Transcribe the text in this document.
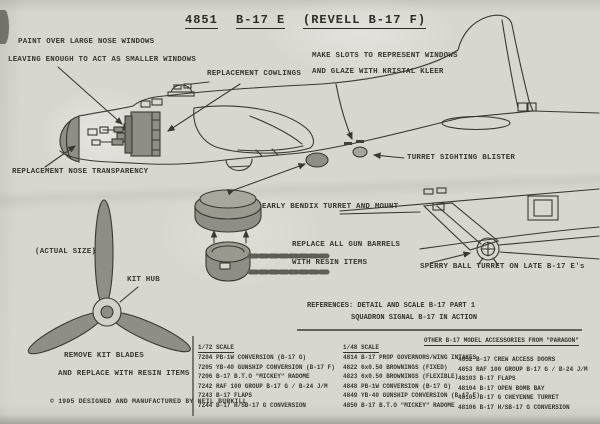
4851 B-17 E (REVELL B-17 F)
PAINT OVER LARGE NOSE WINDOWS
LEAVING ENOUGH TO ACT AS SMALLER WINDOWS
REPLACEMENT COWLINGS
MAKE SLOTS TO REPRESENT WINDOWS
AND GLAZE WITH KRISTAL KLEER
TURRET SIGHTING BLISTER
REPLACEMENT NOSE TRANSPARENCY
EARLY BENDIX TURRET AND MOUNT
REPLACE ALL GUN BARRELS
WITH RESIN ITEMS	SPERRY BALL TURRET ON LATE B-17 E's
(ACTUAL SIZE)
KIT HUB
REMOVE KIT BLADES
AND REPLACE WITH RESIN ITEMS
© 1995 DESIGNED AND MANUFACTURED BY NEIL BURKILL
REFERENCES: DETAIL AND SCALE B-17 PART 1
SQUADRON SIGNAL B-17 IN ACTION
1/72 SCALE
7204 PB-1W CONVERSION (B-17 G)
7205 YB-40 GUNSHIP CONVERSION (B-17 F)
7206 B-17 B.T.O "MICKEY" RADOME
7242 RAF 100 GROUP B-17 G / B-24 J/M
7243 B-17 FLAPS
7244 B-17 H/SB-17 G CONVERSION
1/48 SCALE
4814 B-17 PROP GOVERNORS/WING INTAKES
4822 6x0.50 BROWNINGS (FIXED)
4823 6x0.50 BROWNINGS (FLEXIBLE)
4848 PB-1W CONVERSION (B-17 G)
4849 YB-40 GUNSHIP CONVERSION (B-17 F)
4850 B-17 B.T.O "MICKEY" RADOME
OTHER B-17 MODEL ACCESSORIES FROM "PARAGON"
4852 B-17 CREW ACCESS DOORS
4853 RAF 100 GROUP B-17 G / B-24 J/M
48103 B-17 FLAPS
48104 B-17 OPEN BOMB BAY
48105 B-17 G CHEYENNE TURRET
48106 B-17 H/SB-17 G CONVERSION
